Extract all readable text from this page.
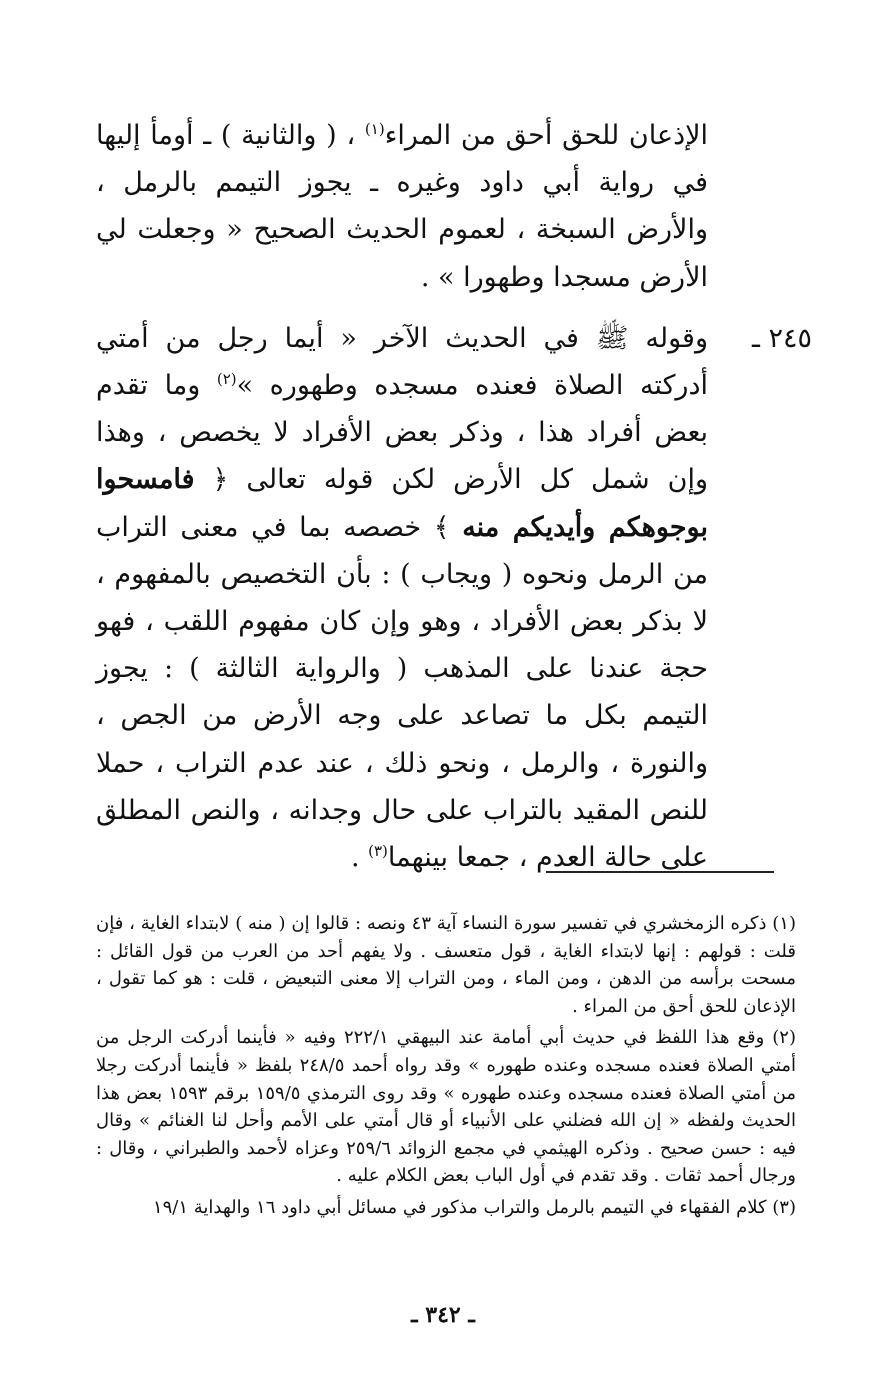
الإذعان للحق أحق من المراء$^{(١)}$ ، ( والثانية ) ـ أومأ إليها في رواية أبي داود وغيره ـ يجوز التيمم بالرمل ، والأرض السبخة ، لعموم الحديث الصحيح « وجعلت لي الأرض مسجدا وطهورا » .

٢٤٥ ـ
وقوله ﷺ في الحديث الآخر « أيما رجل من أمتي أدركته الصلاة فعنده مسجده وطهوره »$^{(٢)}$ وما تقدم بعض أفراد هذا ، وذكر بعض الأفراد لا يخصص ، وهذا وإن شمل كل الأرض لكن قوله تعالى ﴿ فامسحوا بوجوهكم وأيديكم منه ﴾ خصصه بما في معنى التراب من الرمل ونحوه ( ويجاب ) : بأن التخصيص بالمفهوم ، لا بذكر بعض الأفراد ، وهو وإن كان مفهوم اللقب ، فهو حجة عندنا على المذهب ( والرواية الثالثة ) : يجوز التيمم بكل ما تصاعد على وجه الأرض من الجص ، والنورة ، والرمل ، ونحو ذلك ، عند عدم التراب ، حملا للنص المقيد بالتراب على حال وجدانه ، والنص المطلق على حالة العدم ، جمعا بينهما$^{(٣)}$ .

(١) ذكره الزمخشري في تفسير سورة النساء آية ٤٣ ونصه : قالوا إن ( منه ) لابتداء الغاية ، فإن قلت : قولهم : إنها لابتداء الغاية ، قول متعسف . ولا يفهم أحد من العرب من قول القائل : مسحت برأسه من الدهن ، ومن الماء ، ومن التراب إلا معنى التبعيض ، قلت : هو كما تقول ، الإذعان للحق أحق من المراء .

(٢) وقع هذا اللفظ في حديث أبي أمامة عند البيهقي ٢٢٢/١ وفيه « فأينما أدركت الرجل من أمتي الصلاة فعنده مسجده وعنده طهوره » وقد رواه أحمد ٢٤٨/٥ بلفظ « فأينما أدركت رجلا من أمتي الصلاة فعنده مسجده وعنده طهوره » وقد روى الترمذي ١٥٩/٥ برقم ١٥٩٣ بعض هذا الحديث ولفظه « إن الله فضلني على الأنبياء أو قال أمتي على الأمم وأحل لنا الغنائم » وقال فيه : حسن صحيح . وذكره الهيثمي في مجمع الزوائد ٢٥٩/٦ وعزاه لأحمد والطبراني ، وقال : ورجال أحمد ثقات . وقد تقدم في أول الباب بعض الكلام عليه .

(٣) كلام الفقهاء في التيمم بالرمل والتراب مذكور في مسائل أبي داود ١٦ والهداية ١٩/١

ـ ٣٤٢ ـ
